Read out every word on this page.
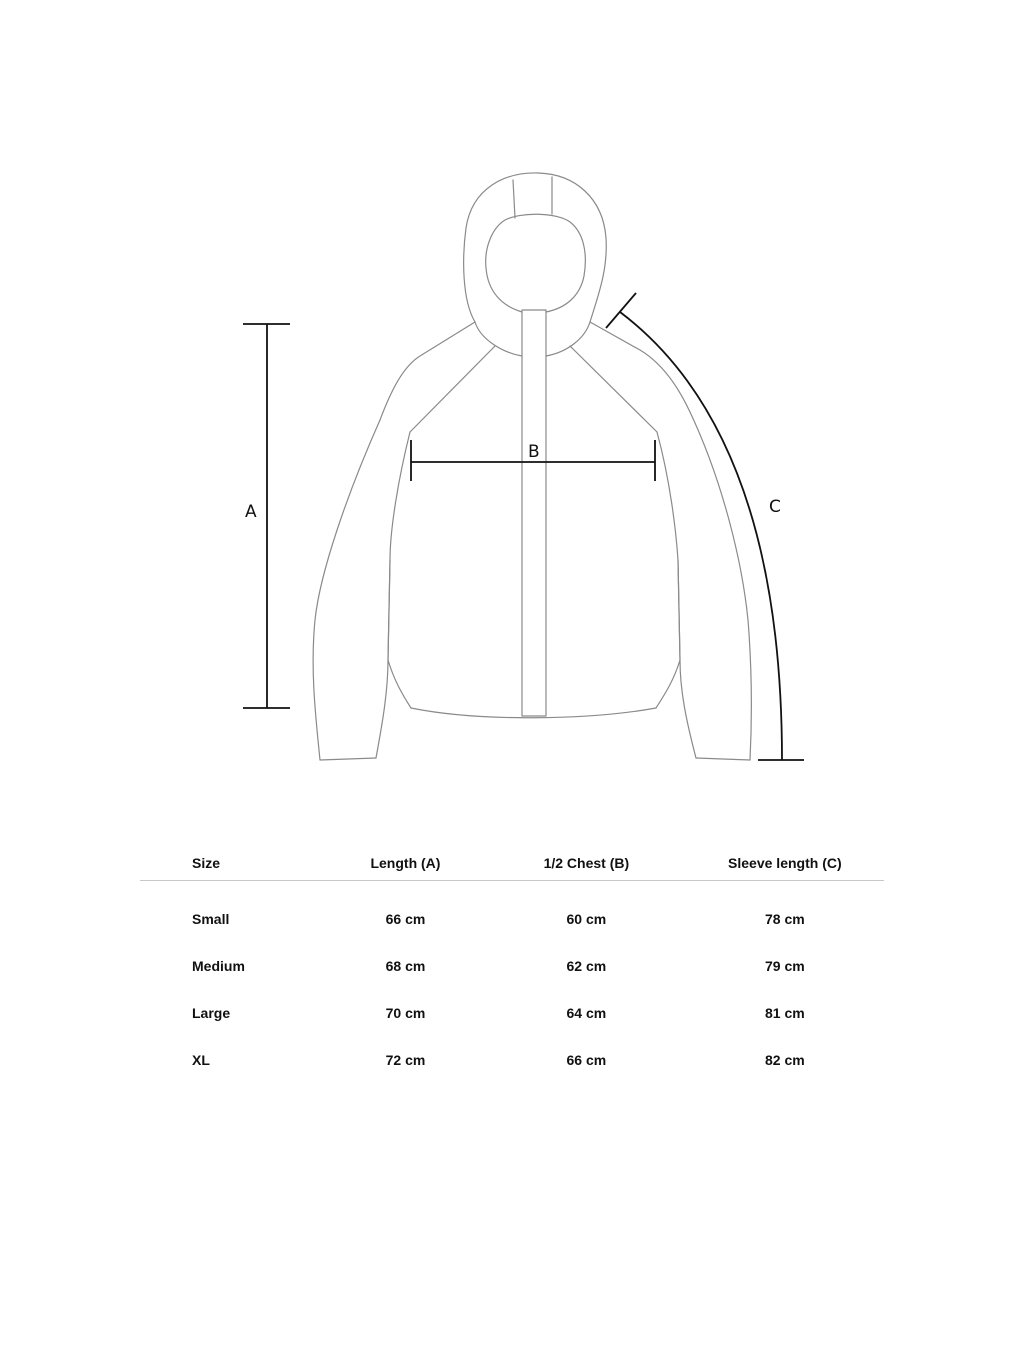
A
B
C
Size	Length (A)	1/2 Chest (B)	Sleeve length (C)
Small	66 cm	60 cm	78 cm
Medium	68 cm	62 cm	79 cm
Large	70 cm	64 cm	81 cm
XL	72 cm	66 cm	82 cm
